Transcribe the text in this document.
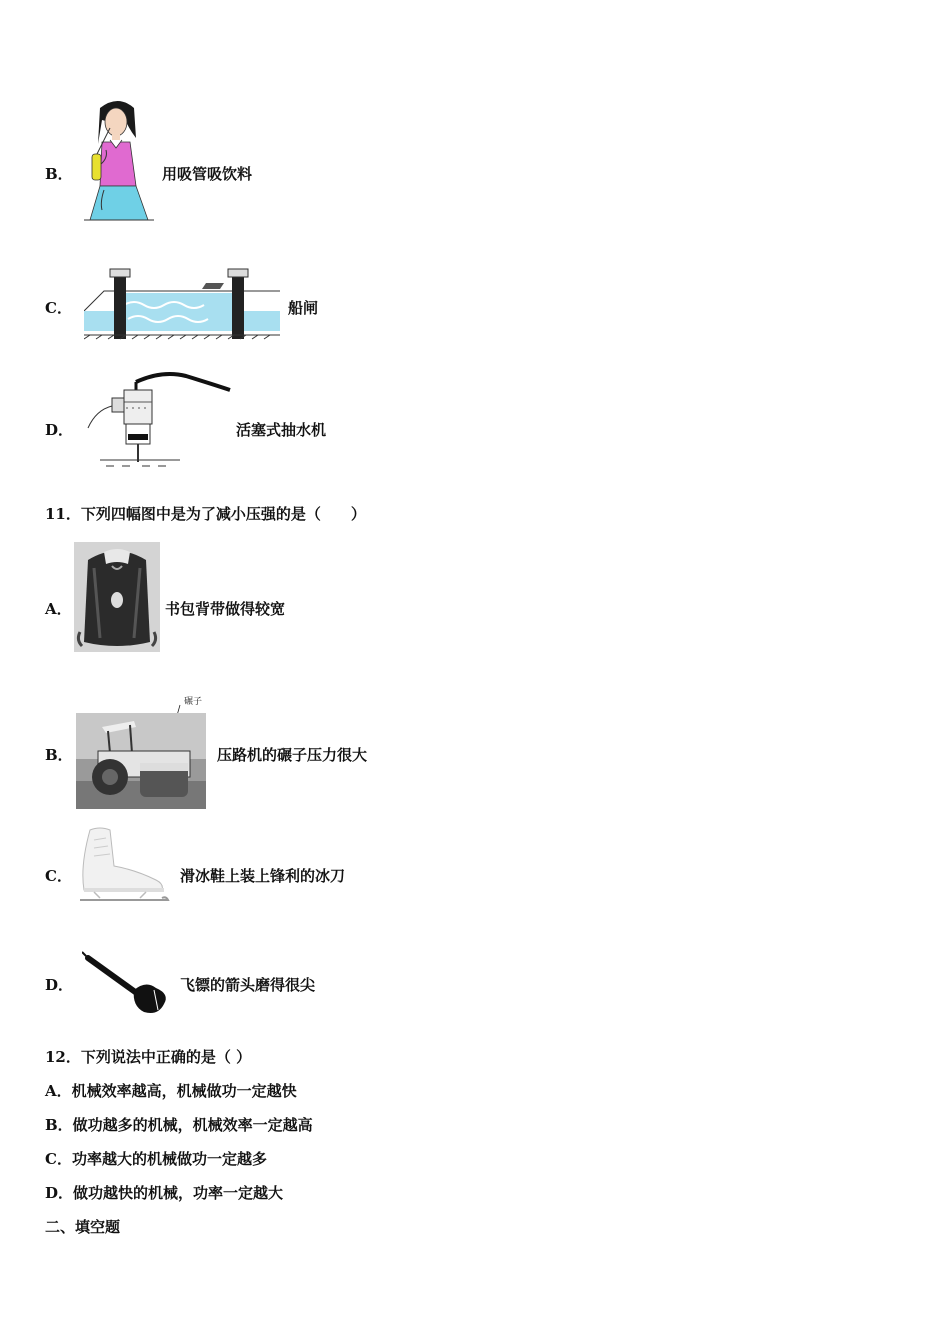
B．	用吸管吸饮料
C．	船闸
D．	活塞式抽水机
11．下列四幅图中是为了减小压强的是（　　）
A．	书包背带做得较宽
B．
碾子
压路机的碾子压力很大
C．	滑冰鞋上装上锋利的冰刀
D．	飞镖的箭头磨得很尖
12．下列说法中正确的是（ ）
A．机械效率越高，机械做功一定越快
B．做功越多的机械，机械效率一定越高
C．功率越大的机械做功一定越多
D．做功越快的机械，功率一定越大
二、填空题
